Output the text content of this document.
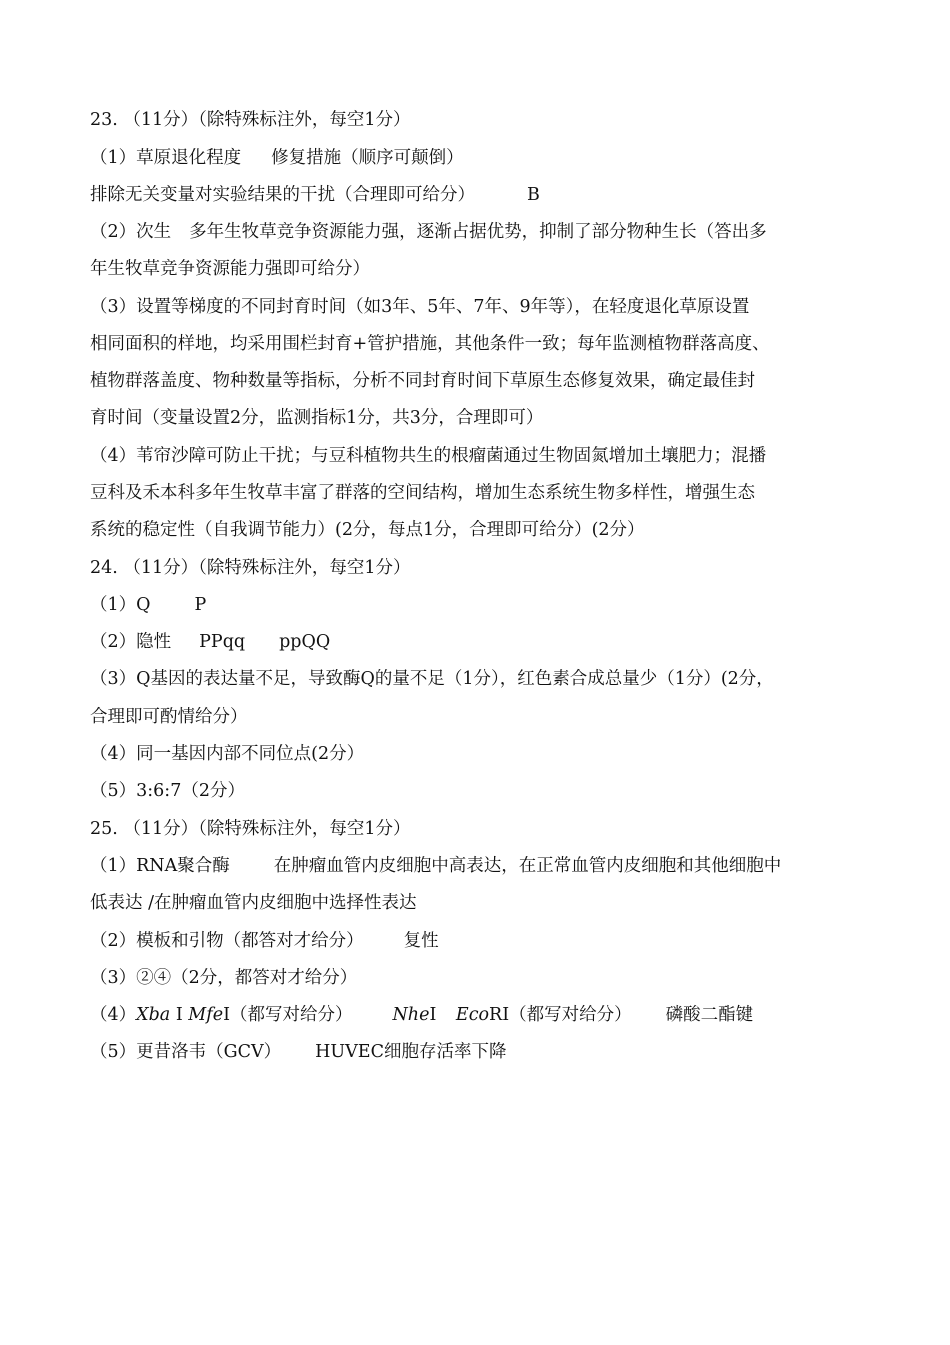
23. （11分）（除特殊标注外，每空1分）
（1）草原退化程度 修复措施（顺序可颠倒）
排除无关变量对实验结果的干扰（合理即可给分）	B
（2）次生 多年生牧草竞争资源能力强，逐渐占据优势，抑制了部分物种生长（答出多
年生牧草竞争资源能力强即可给分）
（3）设置等梯度的不同封育时间（如3年、5年、7年、9年等），在轻度退化草原设置
相同面积的样地，均采用围栏封育+管护措施，其他条件一致；每年监测植物群落高度、
植物群落盖度、物种数量等指标，分析不同封育时间下草原生态修复效果，确定最佳封
育时间（变量设置2分，监测指标1分，共3分，合理即可）
（4）苇帘沙障可防止干扰；与豆科植物共生的根瘤菌通过生物固氮增加土壤肥力；混播
豆科及禾本科多年生牧草丰富了群落的空间结构，增加生态系统生物多样性，增强生态
系统的稳定性（自我调节能力）(2分，每点1分，合理即可给分）(2分）
24. （11分）（除特殊标注外，每空1分）
（1）Q	P
（2）隐性 PPqq ppQQ
（3）Q基因的表达量不足，导致酶Q的量不足（1分），红色素合成总量少（1分）(2分，
合理即可酌情给分）
（4）同一基因内部不同位点(2分）
（5）3:6:7（2分）
25. （11分）（除特殊标注外，每空1分）
（1）RNA聚合酶	在肿瘤血管内皮细胞中高表达，在正常血管内皮细胞和其他细胞中
低表达 /在肿瘤血管内皮细胞中选择性表达
（2）模板和引物（都答对才给分） 复性
（3）②④（2分，都答对才给分）
（4）Xba I MfeI（都写对给分） NheI EcoRI（都写对给分） 磷酸二酯键
（5）更昔洛韦（GCV） HUVEC细胞存活率下降
